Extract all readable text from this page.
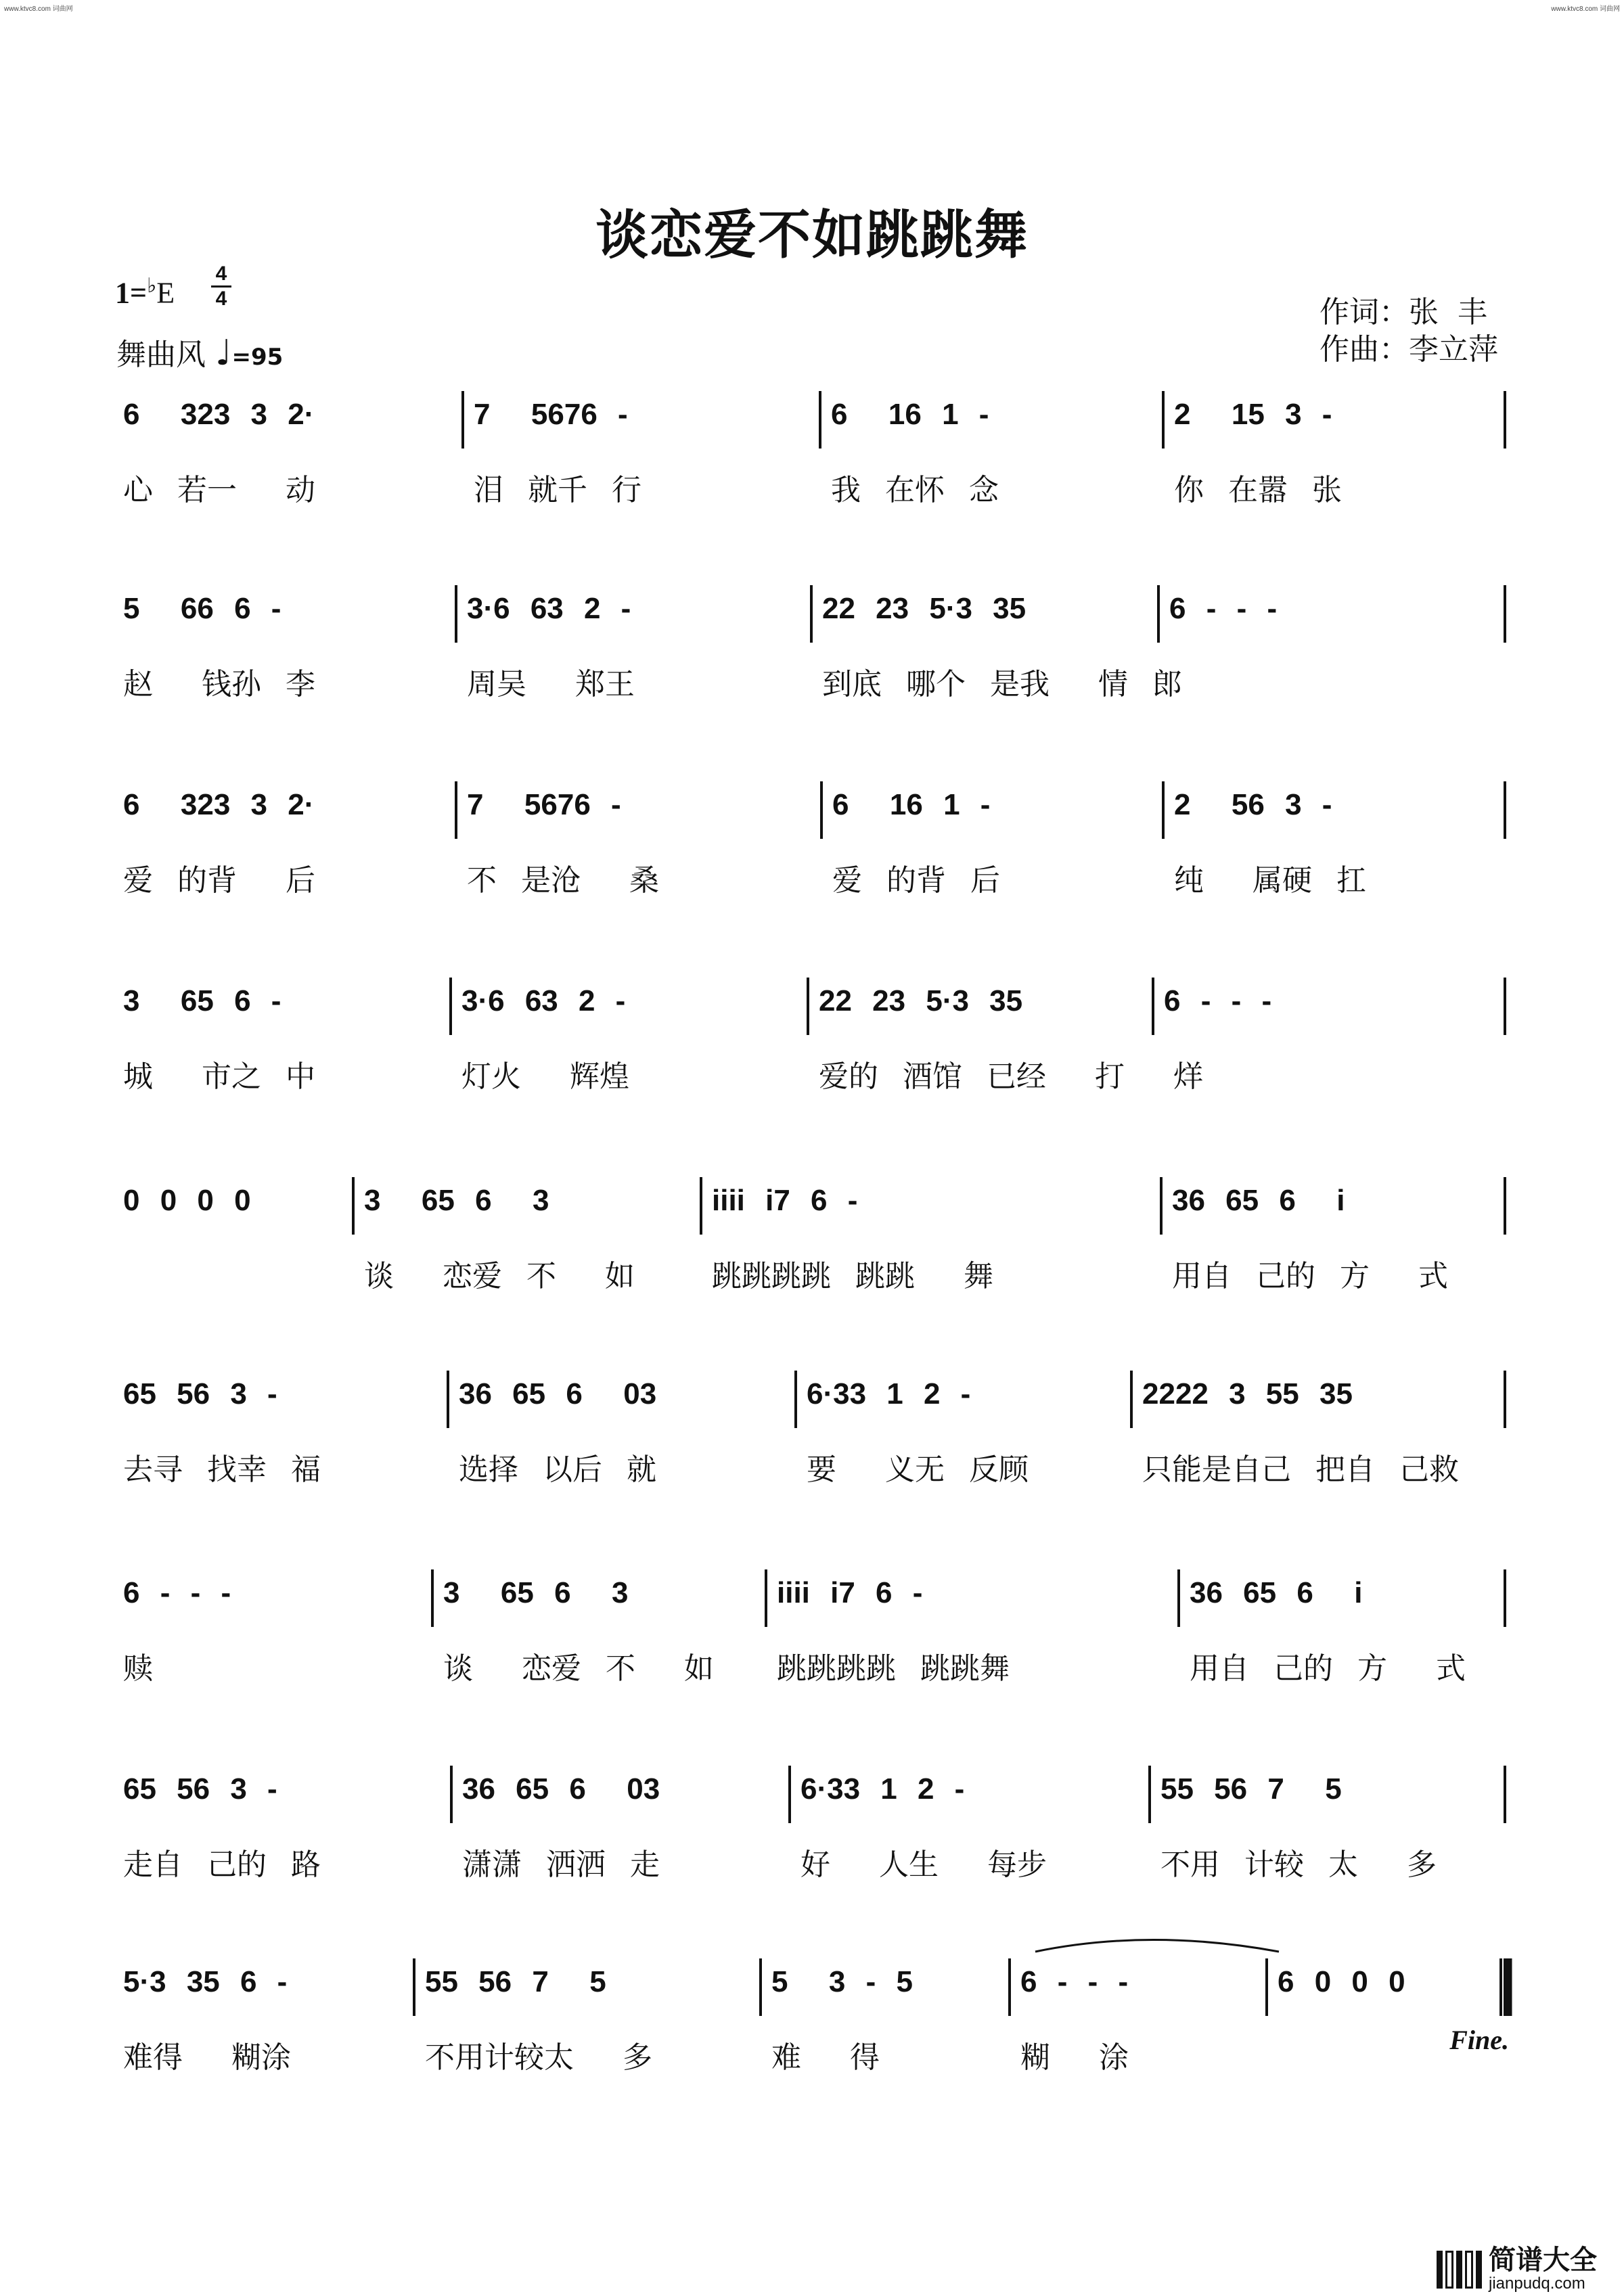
www.ktvc8.com 词曲网	www.ktvc8.com 词曲网
谈恋爱不如跳跳舞
1=♭E
4
4
舞曲风 ♩=95
作词：张  丰
作曲：李立萍
6  323 3 2·
心 若一  动
7  5676 -
泪 就千 行
6  16 1 -
我 在怀 念
2  15 3 -
你 在嚣 张
5  66 6 -
赵  钱孙 李
3·6 63 2 -
周吴  郑王
22 23 5·3 35
到底 哪个 是我  情 郎
6 - - -
6  323 3 2·
爱 的背  后
7  5676 -
不 是沧  桑
6  16 1 -
爱 的背 后
2  56 3 -
纯  属硬 扛
3  65 6 -
城  市之 中
3·6 63 2 -
灯火  辉煌
22 23 5·3 35
爱的 酒馆 已经  打  烊
6 - - -
0 0 0 0	3  65 6  3
谈  恋爱 不  如
iiii i7 6 -
跳跳跳跳 跳跳  舞
36 65 6  i
用自 己的 方  式
65 56 3 -
去寻 找幸 福
36 65 6  03
选择 以后 就
6·33 1 2 -
要  义无 反顾
2222 3 55 35
只能是自己 把自 己救
6 - - -
赎
3  65 6  3
谈  恋爱 不  如
iiii i7 6 -
跳跳跳跳 跳跳舞
36 65 6  i
用自 己的 方  式
65 56 3 -
走自 己的 路
36 65 6  03
潇潇 洒洒 走
6·33 1 2 -
好  人生  每步
55 56 7  5
不用 计较 太  多
5·3 35 6 -
难得  糊涂
55 56 7  5
不用计较太  多
5  3 - 5
难  得
6 - - -
糊  涂
6 0 0 0
Fine.
简谱大全
jianpudq.com
